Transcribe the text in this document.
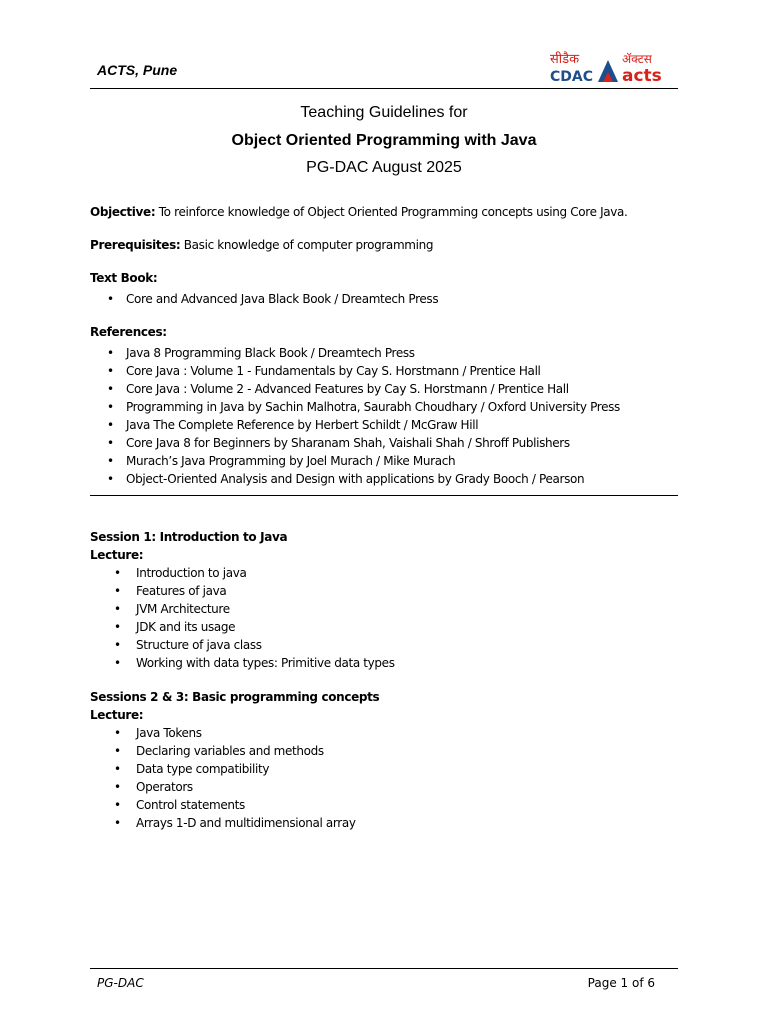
ACTS, Pune
सीडैक
CDAC
ॲक्टस
acts
Teaching Guidelines for
Object Oriented Programming with Java
PG-DAC August 2025

Objective: To reinforce knowledge of Object Oriented Programming concepts using Core Java.

Prerequisites: Basic knowledge of computer programming

Text Book:
• Core and Advanced Java Black Book / Dreamtech Press
References:
• Java 8 Programming Black Book / Dreamtech Press
• Core Java : Volume 1 - Fundamentals by Cay S. Horstmann / Prentice Hall
• Core Java : Volume 2 - Advanced Features by Cay S. Horstmann / Prentice Hall
• Programming in Java by Sachin Malhotra, Saurabh Choudhary / Oxford University Press
• Java The Complete Reference by Herbert Schildt / McGraw Hill
• Core Java 8 for Beginners by Sharanam Shah, Vaishali Shah / Shroff Publishers
• Murach’s Java Programming by Joel Murach / Mike Murach
• Object-Oriented Analysis and Design with applications by Grady Booch / Pearson
Session 1: Introduction to Java
Lecture:
• Introduction to java
• Features of java
• JVM Architecture
• JDK and its usage
• Structure of java class
• Working with data types: Primitive data types
Sessions 2 & 3: Basic programming concepts
Lecture:
• Java Tokens
• Declaring variables and methods
• Data type compatibility
• Operators
• Control statements
• Arrays 1-D and multidimensional array
PG-DAC	Page 1 of 6
